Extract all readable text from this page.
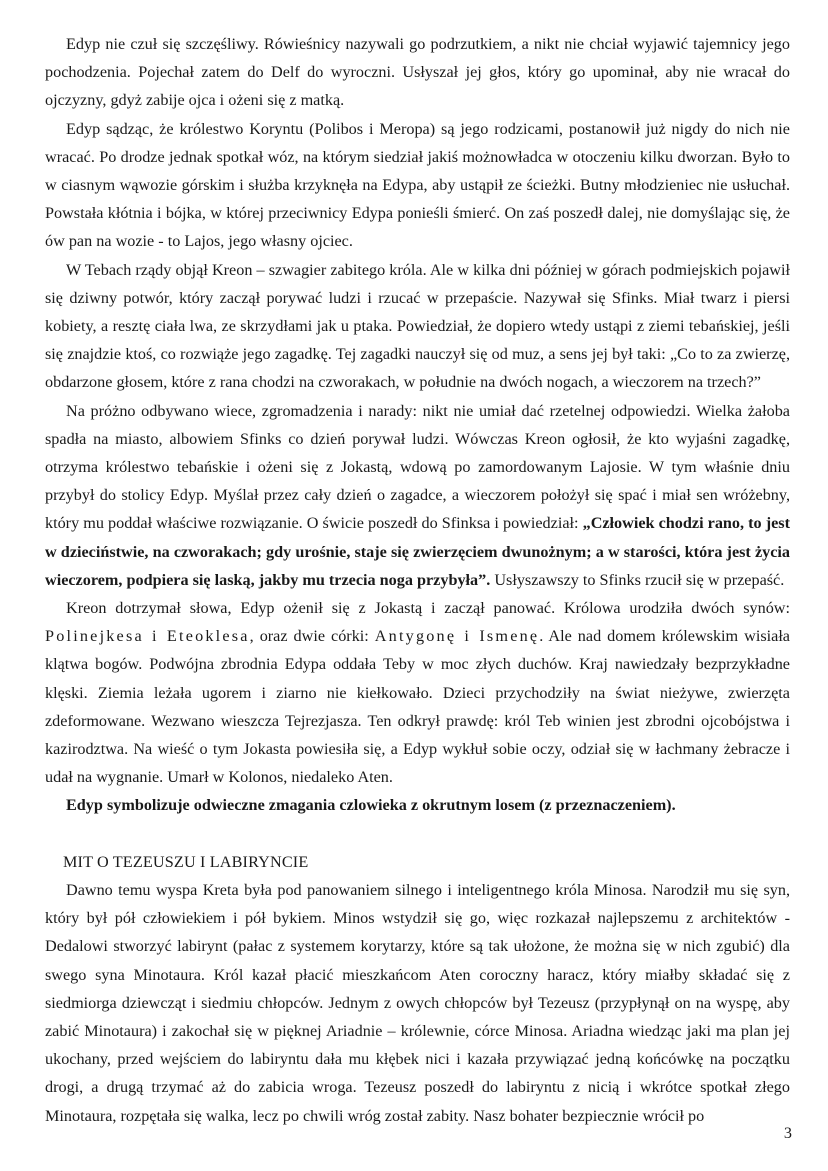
Edyp nie czuł się szczęśliwy. Rówieśnicy nazywali go podrzutkiem, a nikt nie chciał wyjawić tajemnicy jego pochodzenia. Pojechał zatem do Delf do wyroczni. Usłyszał jej głos, który go upominał, aby nie wracał do ojczyzny, gdyż zabije ojca i ożeni się z matką.

Edyp sądząc, że królestwo Koryntu (Polibos i Meropa) są jego rodzicami, postanowił już nigdy do nich nie wracać. Po drodze jednak spotkał wóz, na którym siedział jakiś możnowładca w otoczeniu kilku dworzan. Było to w ciasnym wąwozie górskim i służba krzyknęła na Edypa, aby ustąpił ze ścieżki. Butny młodzieniec nie usłuchał. Powstała kłótnia i bójka, w której przeciwnicy Edypa ponieśli śmierć. On zaś poszedł dalej, nie domyślając się, że ów pan na wozie - to Lajos, jego własny ojciec.

W Tebach rządy objął Kreon – szwagier zabitego króla. Ale w kilka dni później w górach podmiejskich pojawił się dziwny potwór, który zaczął porywać ludzi i rzucać w przepaście. Nazywał się Sfinks. Miał twarz i piersi kobiety, a resztę ciała lwa, ze skrzydłami jak u ptaka. Powiedział, że dopiero wtedy ustąpi z ziemi tebańskiej, jeśli się znajdzie ktoś, co rozwiąże jego zagadkę. Tej zagadki nauczył się od muz, a sens jej był taki: „Co to za zwierzę, obdarzone głosem, które z rana chodzi na czworakach, w południe na dwóch nogach, a wieczorem na trzech?”

Na próżno odbywano wiece, zgromadzenia i narady: nikt nie umiał dać rzetelnej odpowiedzi. Wielka żałoba spadła na miasto, albowiem Sfinks co dzień porywał ludzi. Wówczas Kreon ogłosił, że kto wyjaśni zagadkę, otrzyma królestwo tebańskie i ożeni się z Jokastą, wdową po zamordowanym Lajosie. W tym właśnie dniu przybył do stolicy Edyp. Myślał przez cały dzień o zagadce, a wieczorem położył się spać i miał sen wróżebny, który mu poddał właściwe rozwiązanie. O świcie poszedł do Sfinksa i powiedział: „Człowiek chodzi rano, to jest w dzieciństwie, na czworakach; gdy urośnie, staje się zwierzęciem dwunożnym; a w starości, która jest życia wieczorem, podpiera się laską, jakby mu trzecia noga przybyła”. Usłyszawszy to Sfinks rzucił się w przepaść.

Kreon dotrzymał słowa, Edyp ożenił się z Jokastą i zaczął panować. Królowa urodziła dwóch synów: Polinejkesa i Eteoklesa, oraz dwie córki: Antygonę i Ismenę. Ale nad domem królewskim wisiała klątwa bogów. Podwójna zbrodnia Edypa oddała Teby w moc złych duchów. Kraj nawiedzały bezprzykładne klęski. Ziemia leżała ugorem i ziarno nie kiełkowało. Dzieci przychodziły na świat nieżywe, zwierzęta zdeformowane. Wezwano wieszcza Tejrezjasza. Ten odkrył prawdę: król Teb winien jest zbrodni ojcobójstwa i kazirodztwa. Na wieść o tym Jokasta powiesiła się, a Edyp wykłuł sobie oczy, odział się w łachmany żebracze i udał na wygnanie. Umarł w Kolonos, niedaleko Aten.

Edyp symbolizuje odwieczne zmagania czlowieka z okrutnym losem (z przeznaczeniem).

MIT O TEZEUSZU I LABIRYNCIE

Dawno temu wyspa Kreta była pod panowaniem silnego i inteligentnego króla Minosa. Narodził mu się syn, który był pół człowiekiem i pół bykiem. Minos wstydził się go, więc rozkazał najlepszemu z architektów - Dedalowi stworzyć labirynt (pałac z systemem korytarzy, które są tak ułożone, że można się w nich zgubić) dla swego syna Minotaura. Król kazał płacić mieszkańcom Aten coroczny haracz, który miałby składać się z siedmiorga dziewcząt i siedmiu chłopców. Jednym z owych chłopców był Tezeusz (przypłynął on na wyspę, aby zabić Minotaura) i zakochał się w pięknej Ariadnie – królewnie, córce Minosa. Ariadna wiedząc jaki ma plan jej ukochany, przed wejściem do labiryntu dała mu kłębek nici i kazała przywiązać jedną końcówkę na początku drogi, a drugą trzymać aż do zabicia wroga. Tezeusz poszedł do labiryntu z nicią i wkrótce spotkał złego Minotaura, rozpętała się walka, lecz po chwili wróg został zabity. Nasz bohater bezpiecznie wrócił po

3
